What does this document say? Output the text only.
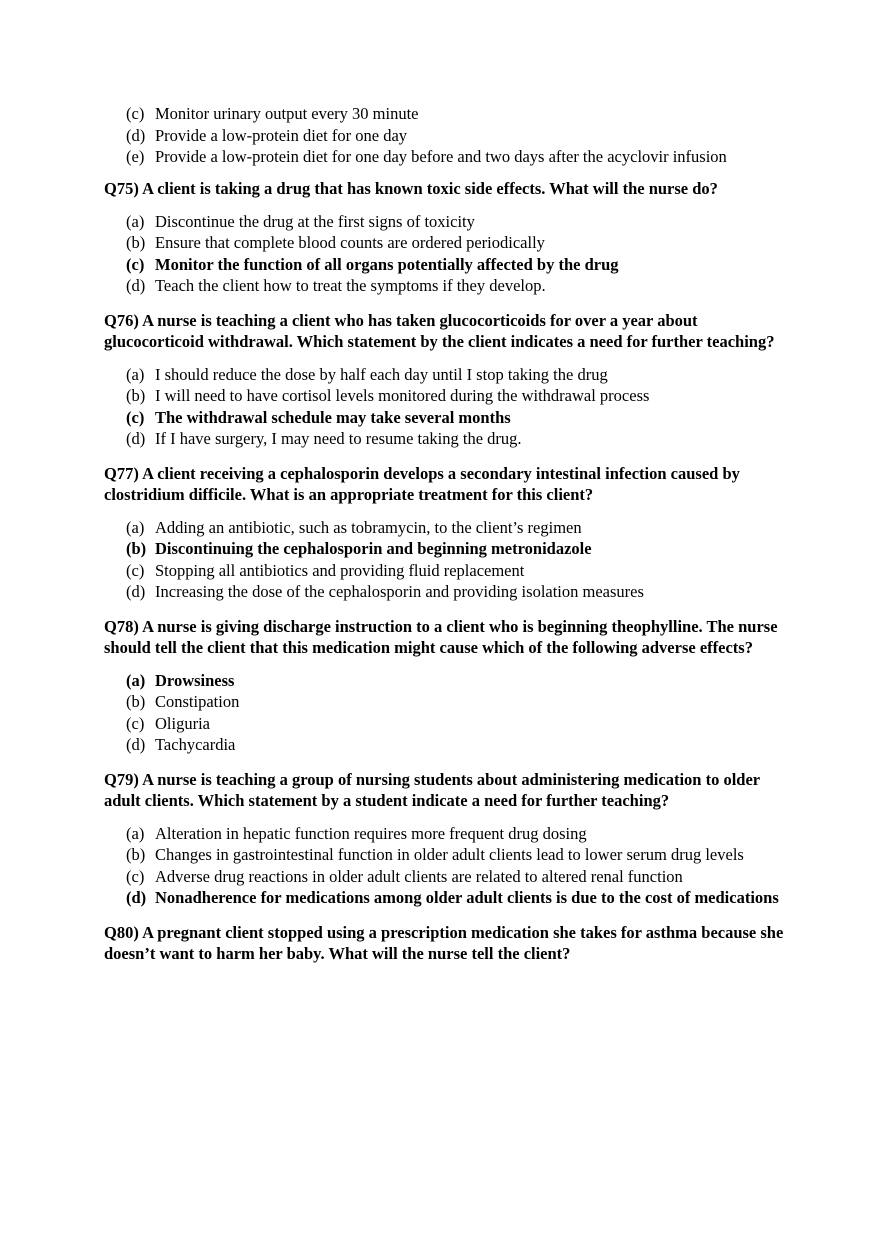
(c) Monitor urinary output every 30 minute
(d) Provide a low-protein diet for one day
(e) Provide a low-protein diet for one day before and two days after the acyclovir infusion

Q75) A client is taking a drug that has known toxic side effects. What will the nurse do?

(a) Discontinue the drug at the first signs of toxicity
(b) Ensure that complete blood counts are ordered periodically
(c) Monitor the function of all organs potentially affected by the drug
(d) Teach the client how to treat the symptoms if they develop.

Q76) A nurse is teaching a client who has taken glucocorticoids for over a year about glucocorticoid withdrawal. Which statement by the client indicates a need for further teaching?

(a) I should reduce the dose by half each day until I stop taking the drug
(b) I will need to have cortisol levels monitored during the withdrawal process
(c) The withdrawal schedule may take several months
(d) If I have surgery, I may need to resume taking the drug.

Q77) A client receiving a cephalosporin develops a secondary intestinal infection caused by clostridium difficile. What is an appropriate treatment for this client?

(a) Adding an antibiotic, such as tobramycin, to the client’s regimen
(b) Discontinuing the cephalosporin and beginning metronidazole
(c) Stopping all antibiotics and providing fluid replacement
(d) Increasing the dose of the cephalosporin and providing isolation measures

Q78) A nurse is giving discharge instruction to a client who is beginning theophylline. The nurse should tell the client that this medication might cause which of the following adverse effects?

(a) Drowsiness
(b) Constipation
(c) Oliguria
(d) Tachycardia

Q79) A nurse is teaching a group of nursing students about administering medication to older adult clients. Which statement by a student indicate a need for further teaching?

(a) Alteration in hepatic function requires more frequent drug dosing
(b) Changes in gastrointestinal function in older adult clients lead to lower serum drug levels
(c) Adverse drug reactions in older adult clients are related to altered renal function
(d) Nonadherence for medications among older adult clients is due to the cost of medications

Q80) A pregnant client stopped using a prescription medication she takes for asthma because she doesn’t want to harm her baby. What will the nurse tell the client?
